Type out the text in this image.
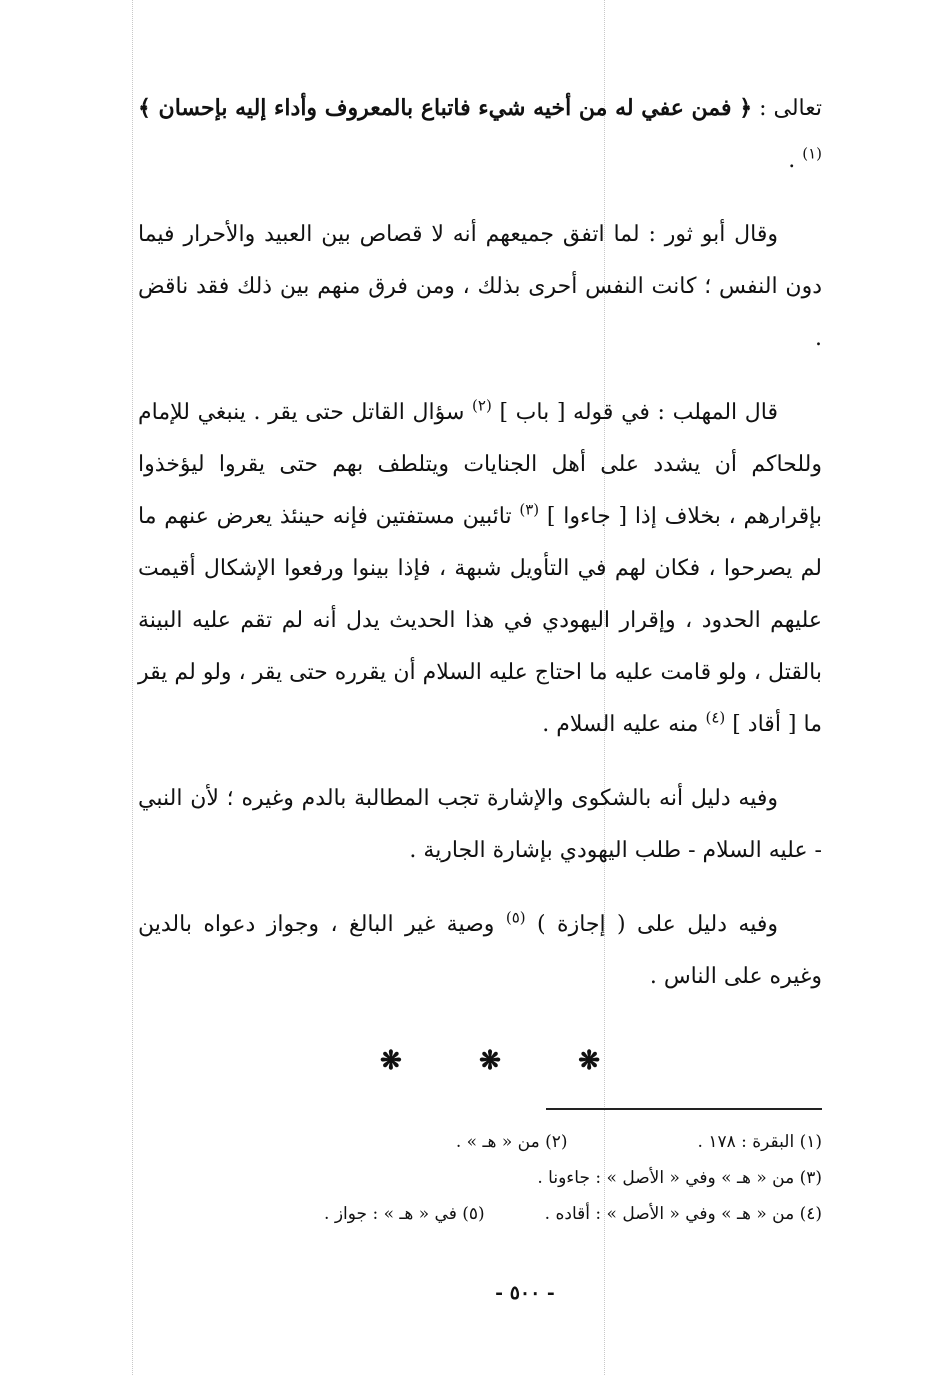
تعالى : ﴿ فمن عفي له من أخيه شيء فاتباع بالمعروف وأداء إليه بإحسان ﴾ $^{(١)}$ .

وقال أبو ثور : لما اتفق جميعهم أنه لا قصاص بين العبيد والأحرار فيما دون النفس ؛ كانت النفس أحرى بذلك ، ومن فرق منهم بين ذلك فقد ناقض .

قال المهلب : في قوله [ باب ] $^{(٢)}$ سؤال القاتل حتى يقر . ينبغي للإمام وللحاكم أن يشدد على أهل الجنايات ويتلطف بهم حتى يقروا ليؤخذوا بإقرارهم ، بخلاف إذا [ جاءوا ] $^{(٣)}$ تائبين مستفتين فإنه حينئذ يعرض عنهم ما لم يصرحوا ، فكان لهم في التأويل شبهة ، فإذا بينوا ورفعوا الإشكال أقيمت عليهم الحدود ، وإقرار اليهودي في هذا الحديث يدل أنه لم تقم عليه البينة بالقتل ، ولو قامت عليه ما احتاج عليه السلام أن يقرره حتى يقر ، ولو لم يقر ما [ أقاد ] $^{(٤)}$ منه عليه السلام .

وفيه دليل أنه بالشكوى والإشارة تجب المطالبة بالدم وغيره ؛ لأن النبي - عليه السلام - طلب اليهودي بإشارة الجارية .

وفيه دليل على ( إجازة ) $^{(٥)}$ وصية غير البالغ ، وجواز دعواه بالدين وغيره على الناس .

❋
❋
❋
(١) البقرة : ١٧٨ .
(٢) من « هـ » .
(٣) من « هـ » وفي « الأصل » : جاءونا .
(٤) من « هـ » وفي « الأصل » : أقاده .
(٥) في « هـ » : جواز .
- ٥٠٠ -
